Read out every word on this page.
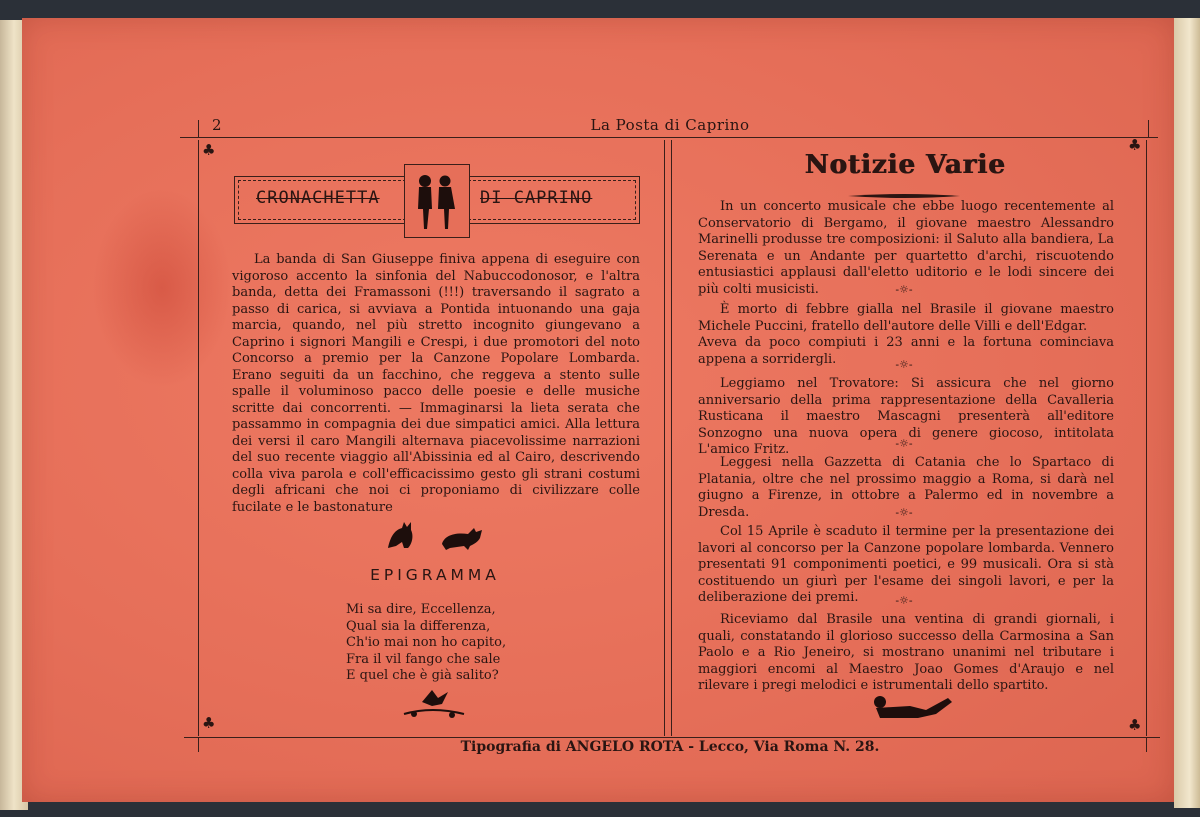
2	La Posta di Caprino
♣	♣
♣	♣
CRONACHETTA	DI CAPRINO
La banda di San Giuseppe finiva appena di eseguire con vigoroso accento la sinfonia del Nabuccodonosor, e l'altra banda, detta dei Framassoni (!!!) traversando il sagrato a passo di carica, si avviava a Pontida intuonando una gaja marcia, quando, nel più stretto incognito giungevano a Caprino i signori Mangili e Crespi, i due promotori del noto Concorso a premio per la Canzone Popolare Lombarda. Erano seguiti da un facchino, che reggeva a stento sulle spalle il voluminoso pacco delle poesie e delle musiche scritte dai concorrenti. — Immaginarsi la lieta serata che passammo in compagnia dei due simpatici amici. Alla lettura dei versi il caro Mangili alternava piacevolissime narrazioni del suo recente viaggio all'Abissinia ed al Cairo, descrivendo colla viva parola e coll'efficacissimo gesto gli strani costumi degli africani che noi ci proponiamo di civilizzare colle fucilate e le bastonature
EPIGRAMMA
Mi sa dire, Eccellenza,
Qual sia la differenza,
Ch'io mai non ho capito,
Fra il vil fango che sale
E quel che è già salito?
Notizie Varie
In un concerto musicale che ebbe luogo recentemente al Conservatorio di Bergamo, il giovane maestro Alessandro Marinelli produsse tre composizioni: il Saluto alla bandiera, La Serenata e un Andante per quartetto d'archi, riscuotendo entusiastici applausi dall'eletto uditorio e le lodi sincere dei più colti musicisti.	-☼-
È morto di febbre gialla nel Brasile il giovane maestro Michele Puccini, fratello dell'autore delle Villi e dell'Edgar.
Aveva da poco compiuti i 23 anni e la fortuna cominciava appena a sorridergli.	-☼-
Leggiamo nel Trovatore: Si assicura che nel giorno anniversario della prima rappresentazione della Cavalleria Rusticana il maestro Mascagni presenterà all'editore Sonzogno una nuova opera di genere giocoso, intitolata L'amico Fritz.	-☼-
Leggesi nella Gazzetta di Catania che lo Spartaco di Platania, oltre che nel prossimo maggio a Roma, si darà nel giugno a Firenze, in ottobre a Palermo ed in novembre a Dresda.	-☼-
Col 15 Aprile è scaduto il termine per la presentazione dei lavori al concorso per la Canzone popolare lombarda. Vennero presentati 91 componimenti poetici, e 99 musicali. Ora si stà costituendo un giurì per l'esame dei singoli lavori, e per la deliberazione dei premi.	-☼-
Riceviamo dal Brasile una ventina di grandi giornali, i quali, constatando il glorioso successo della Carmosina a San Paolo e a Rio Jeneiro, si mostrano unanimi nel tributare i maggiori encomi al Maestro Joao Gomes d'Araujo e nel rilevare i pregi melodici e istrumentali dello spartito.
Tipografia di ANGELO ROTA - Lecco, Via Roma N. 28.
